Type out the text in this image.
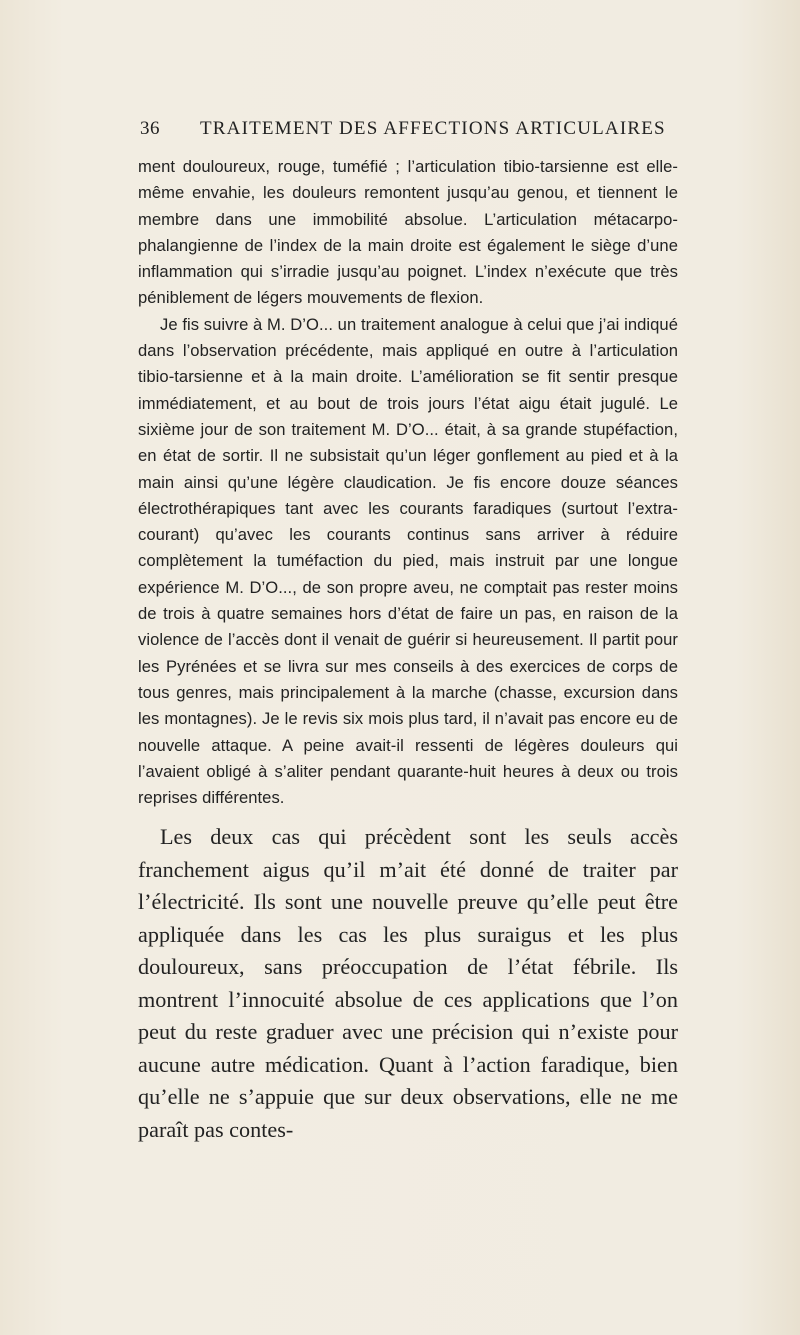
36 TRAITEMENT DES AFFECTIONS ARTICULAIRES

ment douloureux, rouge, tuméfié ; l’articulation tibio-tarsienne est elle-même envahie, les douleurs remontent jusqu’au genou, et tiennent le membre dans une immobilité absolue. L’articulation métacarpo-phalangienne de l’index de la main droite est également le siège d’une inflammation qui s’irradie jusqu’au poignet. L’index n’exécute que très péniblement de légers mouvements de flexion.

Je fis suivre à M. D’O... un traitement analogue à celui que j’ai indiqué dans l’observation précédente, mais appliqué en outre à l’articulation tibio-tarsienne et à la main droite. L’amélioration se fit sentir presque immédiatement, et au bout de trois jours l’état aigu était jugulé. Le sixième jour de son traitement M. D’O... était, à sa grande stupéfaction, en état de sortir. Il ne subsistait qu’un léger gonflement au pied et à la main ainsi qu’une légère claudication. Je fis encore douze séances électrothérapiques tant avec les courants faradiques (surtout l’extra-courant) qu’avec les courants continus sans arriver à réduire complètement la tuméfaction du pied, mais instruit par une longue expérience M. D’O..., de son propre aveu, ne comptait pas rester moins de trois à quatre semaines hors d’état de faire un pas, en raison de la violence de l’accès dont il venait de guérir si heureusement. Il partit pour les Pyrénées et se livra sur mes conseils à des exercices de corps de tous genres, mais principalement à la marche (chasse, excursion dans les montagnes). Je le revis six mois plus tard, il n’avait pas encore eu de nouvelle attaque. A peine avait-il ressenti de légères douleurs qui l’avaient obligé à s’aliter pendant quarante-huit heures à deux ou trois reprises différentes.

Les deux cas qui précèdent sont les seuls accès franchement aigus qu’il m’ait été donné de traiter par l’électricité. Ils sont une nouvelle preuve qu’elle peut être appliquée dans les cas les plus suraigus et les plus douloureux, sans préoccupation de l’état fébrile. Ils montrent l’innocuité absolue de ces applications que l’on peut du reste graduer avec une précision qui n’existe pour aucune autre médication. Quant à l’action faradique, bien qu’elle ne s’appuie que sur deux observations, elle ne me paraît pas contes-
